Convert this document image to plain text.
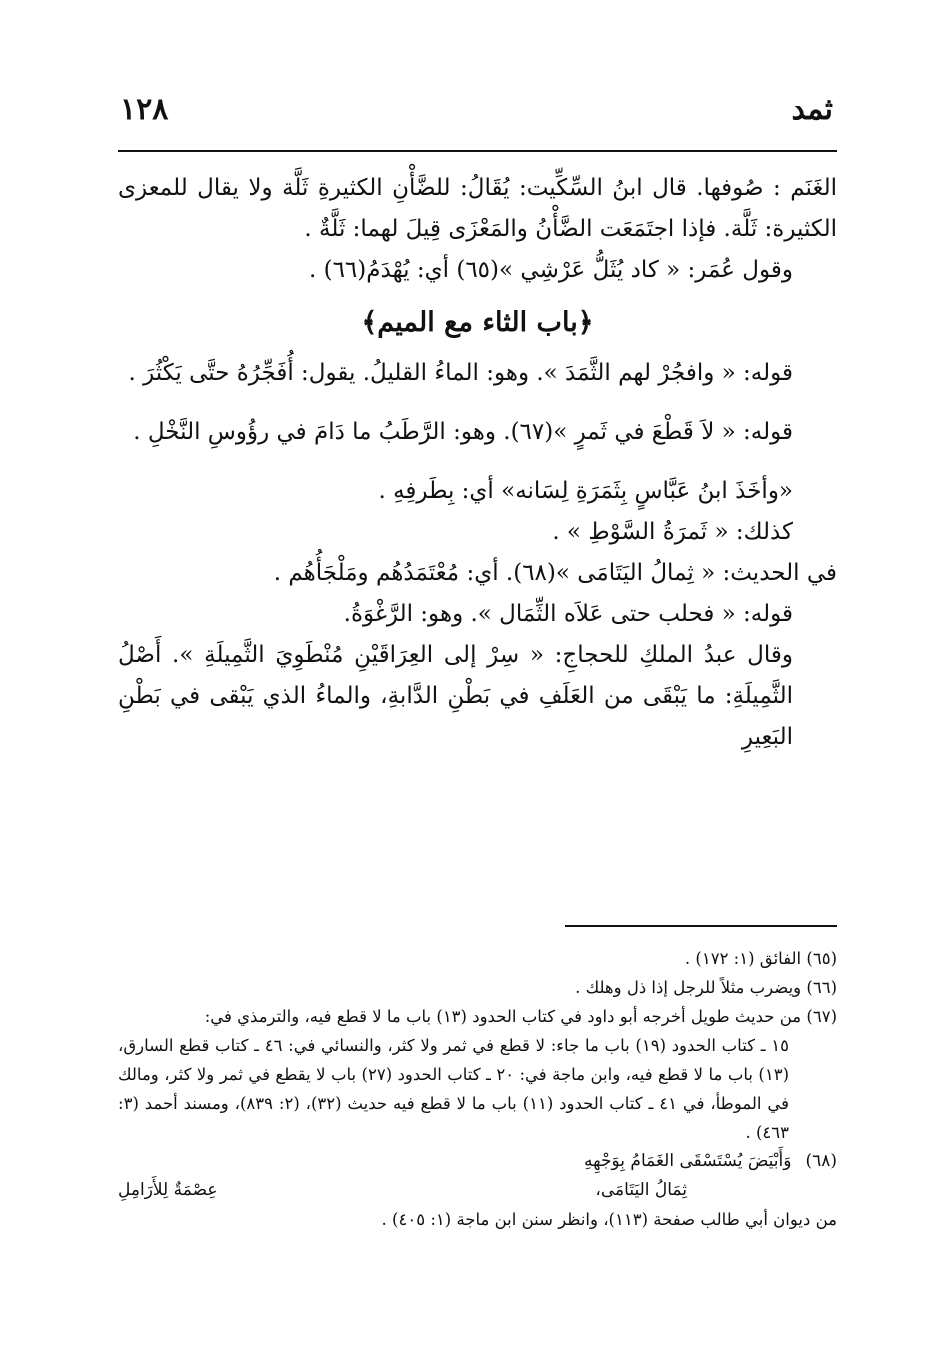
ثمد
١٢٨

الغَنَم : صُوفها. قال ابنُ السِّكِّيت: يُقَالُ: للضَّأْنِ الكثيرةِ ثَلَّة ولا يقال للمعزى الكثيرة: ثَلَّة. فإذا اجتَمَعَت الضَّأْنُ والمَعْزَى قِيلَ لهما: ثَلَّةٌ .

وقول عُمَر: « كاد يُثَلُّ عَرْشِي »(٦٥) أي: يُهْدَمُ(٦٦) .

﴿باب الثاء مع الميم﴾

قوله: « وافجُرْ لهم الثَّمَدَ ». وهو: الماءُ القليلُ. يقول: أُفَجِّرُهُ حتَّى يَكْثُرَ .

قوله: « لاَ قَطْعَ في ثَمرٍ »(٦٧). وهو: الرَّطَبُ ما دَامَ في رؤُوسِ النَّخْلِ .

«وأخَذَ ابنُ عَبَّاسٍ بِثَمَرَةِ لِسَانه» أي: بِطَرفِهِ .

كذلك: « ثَمرَةُ السَّوْطِ » .

في الحديث: « ثِمالُ اليَتَامَى »(٦٨). أي: مُعْتَمَدُهُم ومَلْجَأُهُم .

قوله: « فحلب حتى عَلاَه الثِّمَال ». وهو: الرَّغْوَةُ.

وقال عبدُ الملكِ للحجاجِ: « سِرْ إلى العِرَاقَيْنِ مُنْطَوِيَ الثَّمِيلَةِ ». أَصْلُ الثَّمِيلَةِ: ما يَبْقَى من العَلَفِ في بَطْنِ الدَّابةِ، والماءُ الذي يَبْقى في بَطْنِ البَعِيرِ

(٦٥) الفائق (١: ١٧٢) .

(٦٦) ويضرب مثلاً للرجل إذا ذل وهلك .

(٦٧) من حديث طويل أخرجه أبو داود في كتاب الحدود (١٣) باب ما لا قطع فيه، والترمذي في:

١٥ ـ كتاب الحدود (١٩) باب ما جاء: لا قطع في ثمر ولا كثر، والنسائي في: ٤٦ ـ كتاب قطع السارق، (١٣) باب ما لا قطع فيه، وابن ماجة في: ٢٠ ـ كتاب الحدود (٢٧) باب لا يقطع في ثمر ولا كثر، ومالك في الموطأ، في ٤١ ـ كتاب الحدود (١١) باب ما لا قطع فيه حديث (٣٢)، (٢: ٨٣٩)، ومسند أحمد (٣: ٤٦٣) .

(٦٨)
وَأَبْيَضَ يُسْتَسْقَى الغَمَامُ بِوَجْهِهِ
ثِمَالُ اليَتَامَى،
عِصْمَةٌ لِلأَرَامِلِ

من ديوان أبي طالب صفحة (١١٣)، وانظر سنن ابن ماجة (١: ٤٠٥) .
